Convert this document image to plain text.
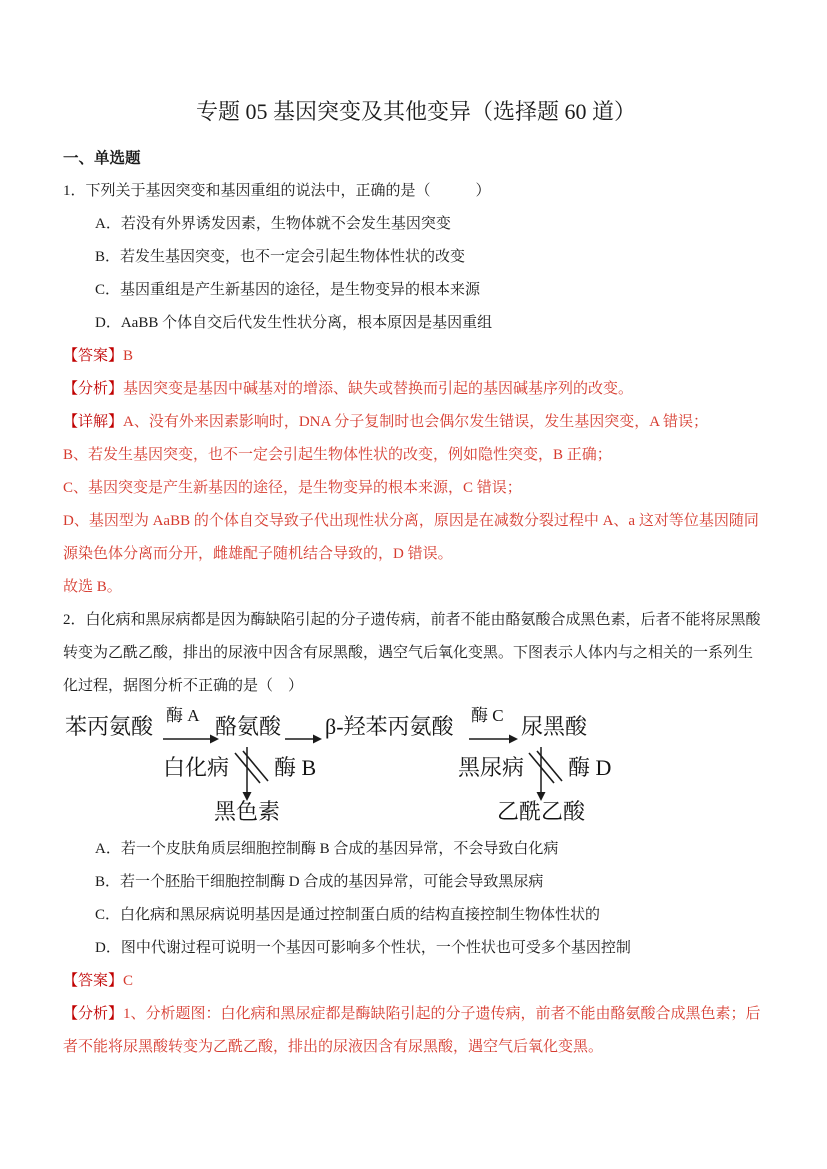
专题 05 基因突变及其他变异（选择题 60 道）
一、单选题
1．下列关于基因突变和基因重组的说法中，正确的是（　　　）
A．若没有外界诱发因素，生物体就不会发生基因突变
B．若发生基因突变，也不一定会引起生物体性状的改变
C．基因重组是产生新基因的途径，是生物变异的根本来源
D．AaBB 个体自交后代发生性状分离，根本原因是基因重组
【答案】B
【分析】基因突变是基因中碱基对的增添、缺失或替换而引起的基因碱基序列的改变。
【详解】A、没有外来因素影响时，DNA 分子复制时也会偶尔发生错误，发生基因突变，A 错误；
B、若发生基因突变，也不一定会引起生物体性状的改变，例如隐性突变，B 正确；
C、基因突变是产生新基因的途径，是生物变异的根本来源，C 错误；
D、基因型为 AaBB 的个体自交导致子代出现性状分离，原因是在减数分裂过程中 A、a 这对等位基因随同
源染色体分离而分开，雌雄配子随机结合导致的，D 错误。
故选 B。
2．白化病和黑尿病都是因为酶缺陷引起的分子遗传病，前者不能由酪氨酸合成黑色素，后者不能将尿黑酸
转变为乙酰乙酸，排出的尿液中因含有尿黑酸，遇空气后氧化变黑。下图表示人体内与之相关的一系列生
化过程，据图分析不正确的是（　）
苯丙氨酸 酶 A 酪氨酸 β-羟苯丙氨酸 酶 C 尿黑酸
白化病 酶 B	黑尿病 酶 D
黑色素	乙酰乙酸
A．若一个皮肤角质层细胞控制酶 B 合成的基因异常，不会导致白化病
B．若一个胚胎干细胞控制酶 D 合成的基因异常，可能会导致黑尿病
C．白化病和黑尿病说明基因是通过控制蛋白质的结构直接控制生物体性状的
D．图中代谢过程可说明一个基因可影响多个性状，一个性状也可受多个基因控制
【答案】C
【分析】1、分析题图：白化病和黑尿症都是酶缺陷引起的分子遗传病，前者不能由酪氨酸合成黑色素；后
者不能将尿黑酸转变为乙酰乙酸，排出的尿液因含有尿黑酸，遇空气后氧化变黑。
